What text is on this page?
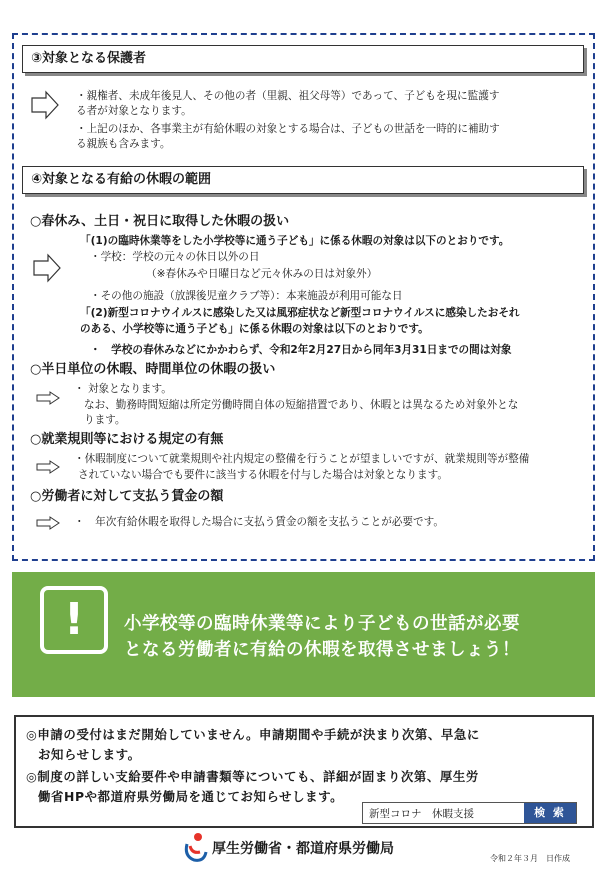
③対象となる保護者
・親権者、未成年後見人、その他の者（里親、祖父母等）であって、子どもを現に監護す
る者が対象となります。
・上記のほか、各事業主が有給休暇の対象とする場合は、子どもの世話を一時的に補助す
る親族も含みます。
④対象となる有給の休暇の範囲
○春休み、土日・祝日に取得した休暇の扱い
「(1)の臨時休業等をした小学校等に通う子ども」に係る休暇の対象は以下のとおりです。
・学校：学校の元々の休日以外の日
（※春休みや日曜日など元々休みの日は対象外）
・その他の施設（放課後児童クラブ等）：本来施設が利用可能な日
「(2)新型コロナウイルスに感染した又は風邪症状など新型コロナウイルスに感染したおそれ
のある、小学校等に通う子ども」に係る休暇の対象は以下のとおりです。
・　学校の春休みなどにかかわらず、令和2年2月27日から同年3月31日までの間は対象
○半日単位の休暇、時間単位の休暇の扱い
・ 対象となります。
なお、勤務時間短縮は所定労働時間自体の短縮措置であり、休暇とは異なるため対象外とな
ります。
○就業規則等における規定の有無
・休暇制度について就業規則や社内規定の整備を行うことが望ましいですが、就業規則等が整備
されていない場合でも要件に該当する休暇を付与した場合は対象となります。
○労働者に対して支払う賃金の額
・　年次有給休暇を取得した場合に支払う賃金の額を支払うことが必要です。
!	小学校等の臨時休業等により子どもの世話が必要
となる労働者に有給の休暇を取得させましょう！
◎申請の受付はまだ開始していません。申請期間や手続が決まり次第、早急に
お知らせします。
◎制度の詳しい支給要件や申請書類等についても、詳細が固まり次第、厚生労
働省HPや都道府県労働局を通じてお知らせします。
新型コロナ　休暇支援	検 索
厚生労働省・都道府県労働局
令和２年３月　日作成
